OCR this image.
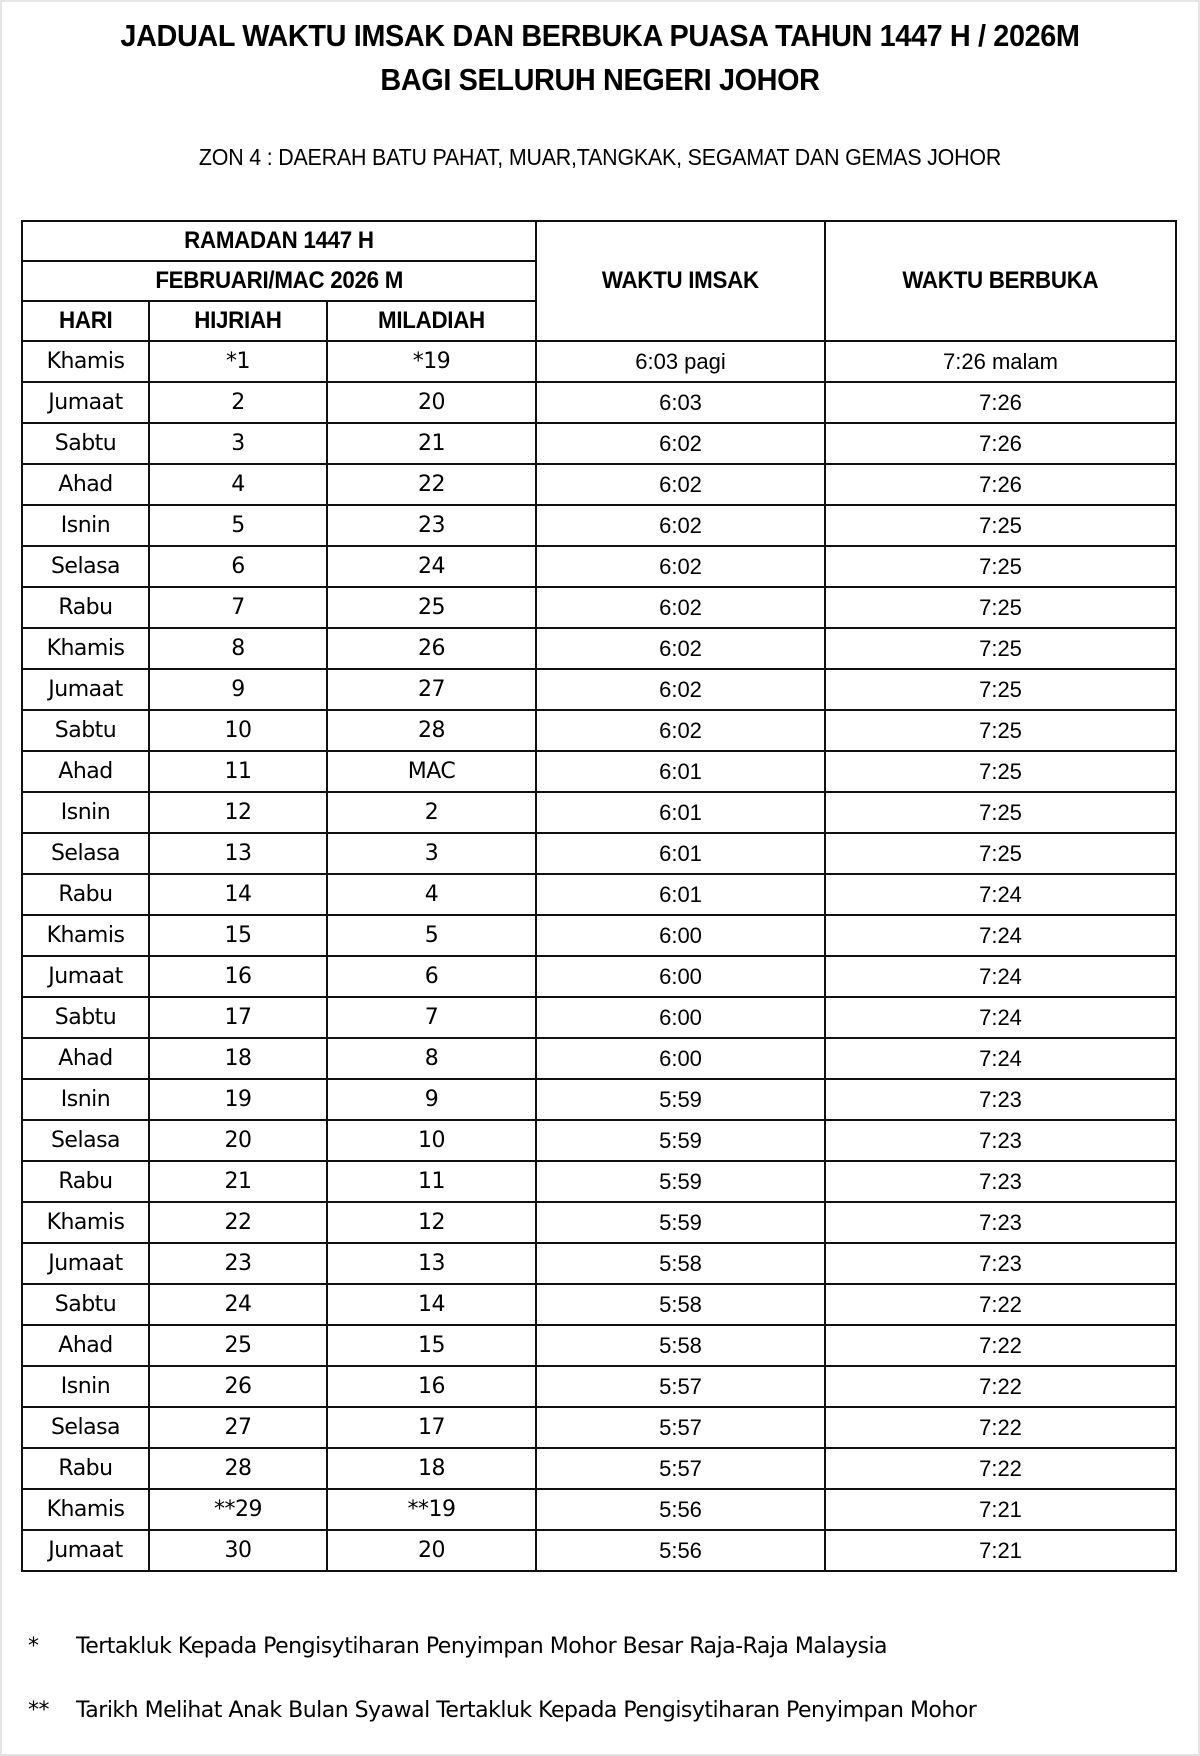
JADUAL WAKTU IMSAK DAN BERBUKA PUASA TAHUN 1447 H / 2026M
BAGI SELURUH NEGERI JOHOR
ZON 4 : DAERAH BATU PAHAT, MUAR,TANGKAK, SEGAMAT DAN GEMAS JOHOR
RAMADAN 1447 H			WAKTU IMSAK	WAKTU BERBUKA
FEBRUARI/MAC 2026 M				
HARI	HIJRIAH	MILADIAH		
Khamis	*1	*19	6:03 pagi	7:26 malam
Jumaat	2	20	6:03	7:26
Sabtu	3	21	6:02	7:26
Ahad	4	22	6:02	7:26
Isnin	5	23	6:02	7:25
Selasa	6	24	6:02	7:25
Rabu	7	25	6:02	7:25
Khamis	8	26	6:02	7:25
Jumaat	9	27	6:02	7:25
Sabtu	10	28	6:02	7:25
Ahad	11	MAC	6:01	7:25
Isnin	12	2	6:01	7:25
Selasa	13	3	6:01	7:25
Rabu	14	4	6:01	7:24
Khamis	15	5	6:00	7:24
Jumaat	16	6	6:00	7:24
Sabtu	17	7	6:00	7:24
Ahad	18	8	6:00	7:24
Isnin	19	9	5:59	7:23
Selasa	20	10	5:59	7:23
Rabu	21	11	5:59	7:23
Khamis	22	12	5:59	7:23
Jumaat	23	13	5:58	7:23
Sabtu	24	14	5:58	7:22
Ahad	25	15	5:58	7:22
Isnin	26	16	5:57	7:22
Selasa	27	17	5:57	7:22
Rabu	28	18	5:57	7:22
Khamis	**29	**19	5:56	7:21
Jumaat	30	20	5:56	7:21
* Tertakluk Kepada Pengisytiharan Penyimpan Mohor Besar Raja-Raja Malaysia
** Tarikh Melihat Anak Bulan Syawal Tertakluk Kepada Pengisytiharan Penyimpan Mohor
